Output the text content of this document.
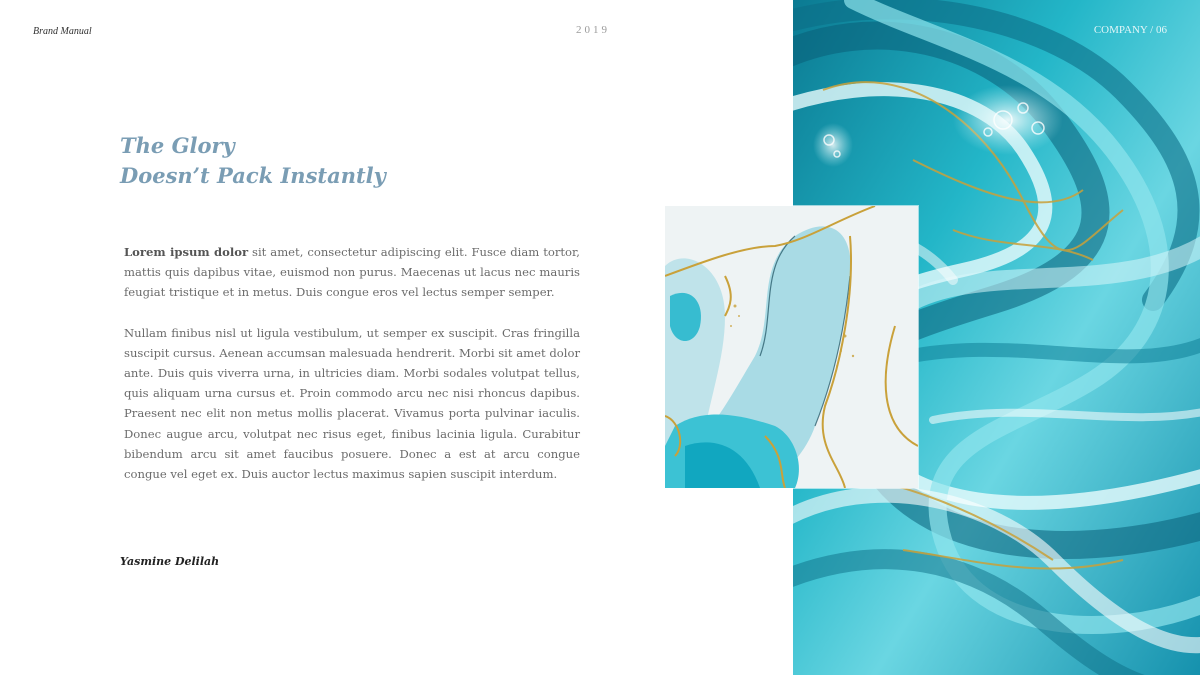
Brand Manual	2019	COMPANY / 06
The Glory
Doesn’t Pack Instantly

Lorem ipsum dolor sit amet, consectetur adipiscing elit. Fusce diam tortor, mattis quis dapibus vitae, euismod non purus. Maecenas ut lacus nec mauris feugiat tristique et in metus. Duis congue eros vel lectus semper semper.

Nullam finibus nisl ut ligula vestibulum, ut semper ex suscipit. Cras fringilla suscipit cursus. Aenean accumsan malesuada hendrerit. Morbi sit amet dolor ante. Duis quis viverra urna, in ultricies diam. Morbi sodales volutpat tellus, quis aliquam urna cursus et. Proin commodo arcu nec nisi rhoncus dapibus. Praesent nec elit non metus mollis placerat. Vivamus porta pulvinar iaculis. Donec augue arcu, volutpat nec risus eget, finibus lacinia ligula. Curabitur bibendum arcu sit amet faucibus posuere. Donec a est at arcu congue congue vel eget ex. Duis auctor lectus maximus sapien suscipit interdum.

Yasmine Delilah
